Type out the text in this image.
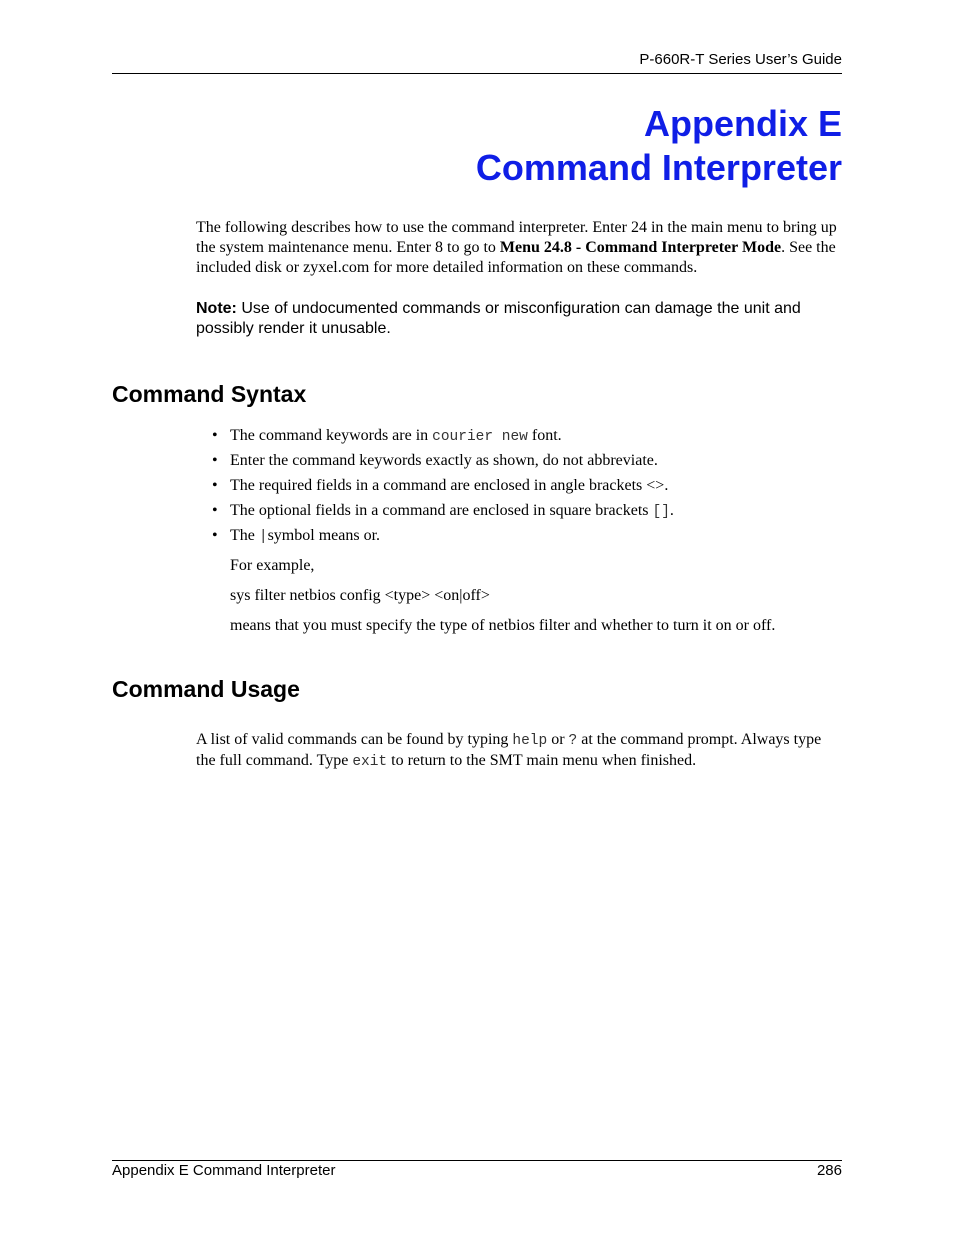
P-660R-T Series User’s Guide
Appendix E
Command Interpreter
The following describes how to use the command interpreter. Enter 24 in the main menu to bring up the system maintenance menu. Enter 8 to go to Menu 24.8 - Command Interpreter Mode. See the included disk or zyxel.com for more detailed information on these commands.
Note: Use of undocumented commands or misconfiguration can damage the unit and possibly render it unusable.
Command Syntax
• The command keywords are in courier new font.
• Enter the command keywords exactly as shown, do not abbreviate.
• The required fields in a command are enclosed in angle brackets <>.
• The optional fields in a command are enclosed in square brackets [].
• The |symbol means or.
For example,
sys filter netbios config <type> <on|off>
means that you must specify the type of netbios filter and whether to turn it on or off.
Command Usage
A list of valid commands can be found by typing help or ? at the command prompt. Always type the full command. Type exit to return to the SMT main menu when finished.
Appendix E Command Interpreter	286
